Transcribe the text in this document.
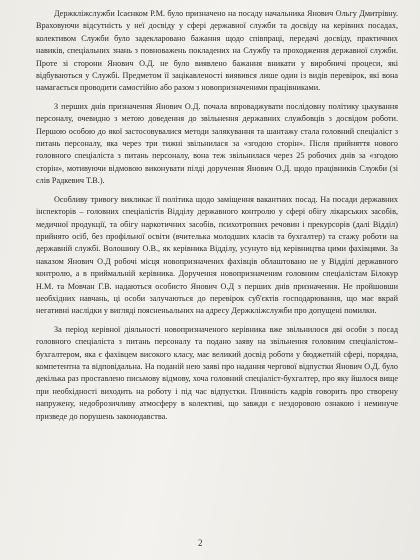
Держкліжслужби Ісаєнком Р.М. було призначено на посаду начальника Янович Ольгу Дмитрівну. Враховуючи відсутність у неї досвіду у сфері державної служби та досвіду на керівних посадах, колективом Служби було задекларовано бажання щодо співпраці, передачі досвіду, практичних навиків, спеціальних знань з повноважень покладених на Службу та проходження державної служби. Проте зі сторони Янович О.Д. не було виявлено бажання вникати у виробничі процеси, які відбуваються у Службі. Предметом її зацікавленості виявився лише один із видів перевірок, які вона намагається проводити самостійно або разом з новопризначеними працівниками.

З перших днів призначення Янович О.Д. почала впроваджувати послідовну політику цькування персоналу, очевидно з метою доведення до звільнення державних службовців з досвідом роботи. Першою особою до якої застосовувалися методи залякування та шантажу стала головний спеціаліст з питань персоналу, яка через три тижні звільнилася за «згодою сторін». Після прийняття нового головного спеціаліста з питань персоналу, вона теж звільнилася через 25 робочих днів за «згодою сторін», мотивуючи відмовою виконувати пілді доручення Янович О.Д. щодо працівників Служби (зі слів Радкевич Т.В.).

Особливу тривогу викликає її політика щодо заміщення вакантних посад. На посади державних інспекторів – головних спеціалістів Відділу державного контролю у сфері обігу лікарських засобів, медичної продукції, та обігу наркотичних засобів, психотропних речовин і прекурсорів (далі Відділ) прийнято осіб, без профільної освіти (вчителька молодших класів та бухгалтер) та стажу роботи на державній службі. Волошину О.В., як керівника Відділу, усунуто від керівництва цими фахівцями. За наказом Янович О.Д робочі місця новопризначених фахівців облаштовано не у Відділі державного контролю, а в приймальній керівника. Доручення новопризначеним головним спеціалістам Білокур Н.М. та Мовчан Г.В. надаються особисто Янович О.Д з перших днів призначення. Не пройшовши необхідних навчань, ці особи залучаються до перевірок суб'єктів господарювання, що має вкрай негативні наслідки у вигляді поясненьальних на адресу Держкліжслужби про допущені помилки.

За період керівної діяльності новопризначеного керівника вже звільнилося дві особи з посад головного спеціаліста з питань персоналу та подано заяву на звільнення головним спеціалістом–бухгалтером, яка є фахівцем високого класу, має великий досвід роботи у бюджетній сфері, порядна, компетентна та відповідальна. На поданій нею заяві про надання чергової відпустки Янович О.Д. було декілька раз проставлено письмову відмову, хоча головний спеціаліст-бухгалтер, про яку йшлося вище при необхідності виходить на роботу і під час відпустки. Плинність кадрів говорить про створену напружену, недоброзичливу атмосферу в колективі, що завжди є нездоровою ознакою і неминуче призведе до порушень законодавства.

2
